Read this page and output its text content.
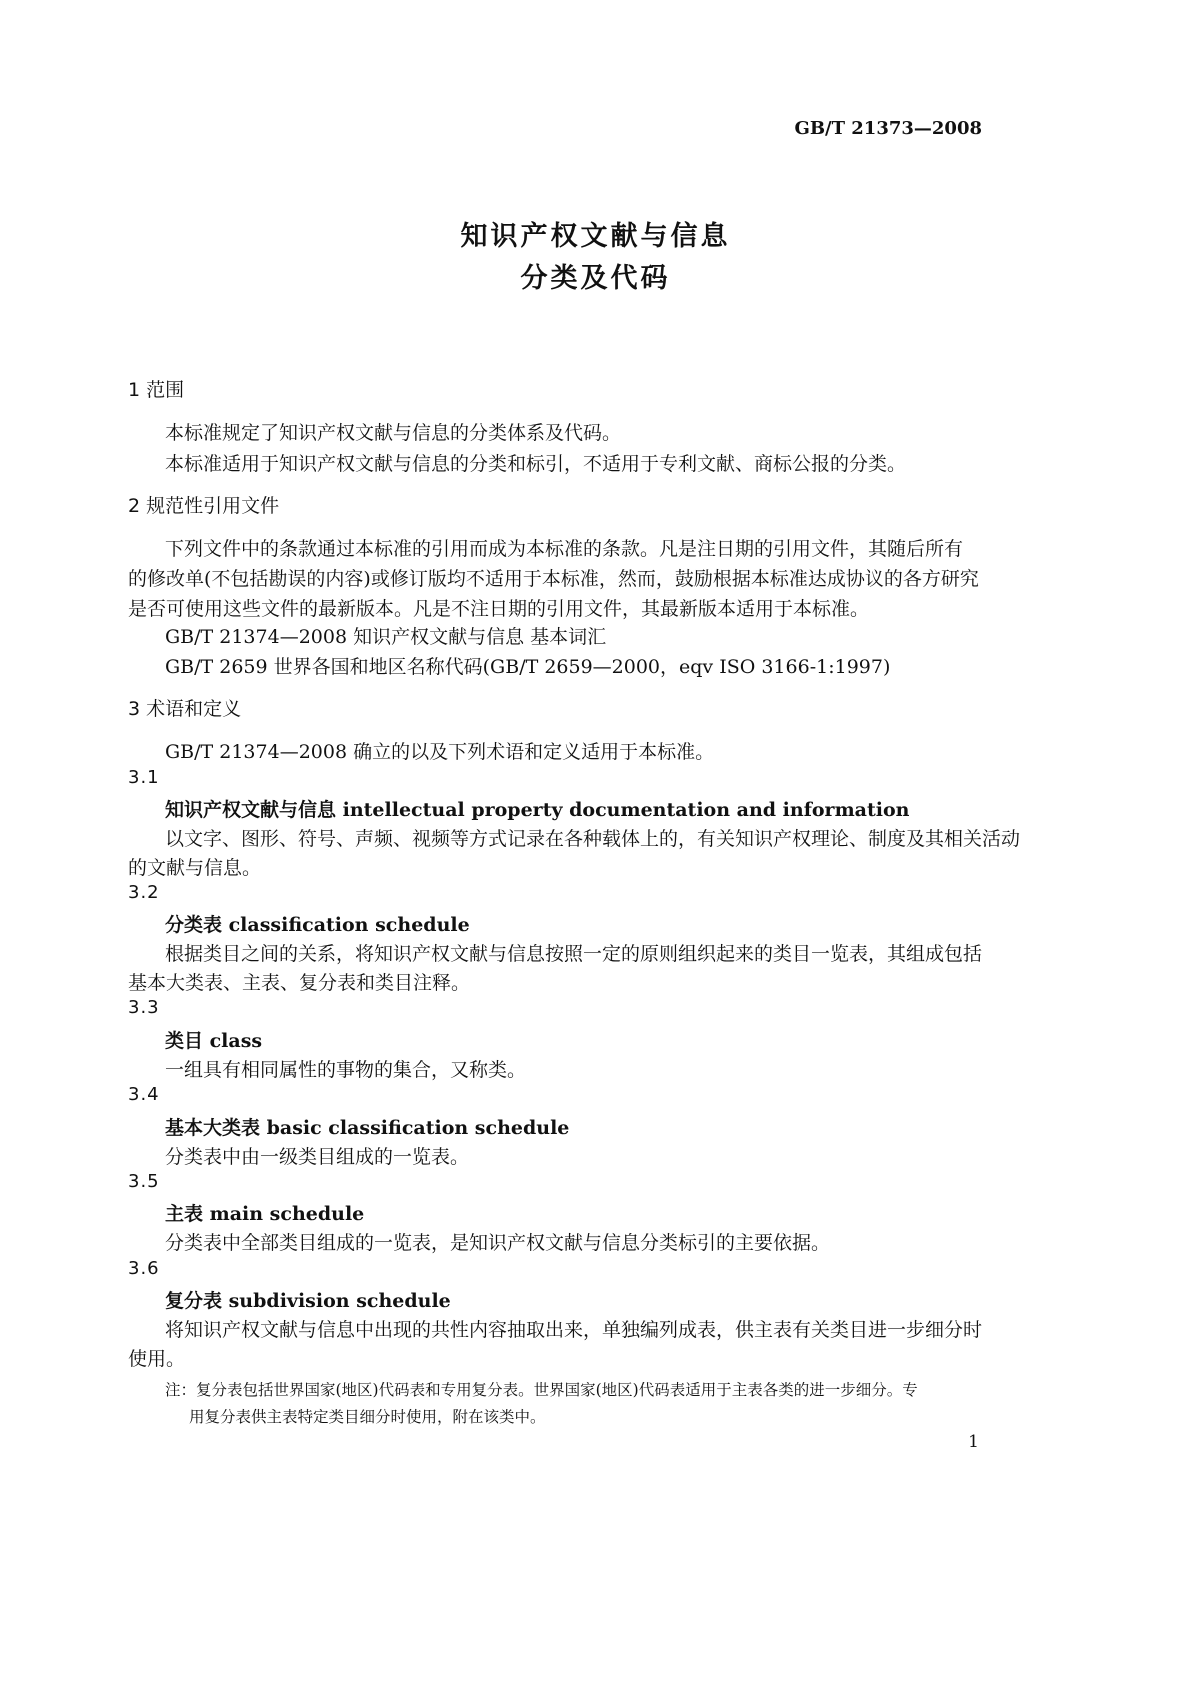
GB/T 21373—2008
知识产权文献与信息
分类及代码
1 范围
本标准规定了知识产权文献与信息的分类体系及代码。
本标准适用于知识产权文献与信息的分类和标引，不适用于专利文献、商标公报的分类。
2 规范性引用文件
下列文件中的条款通过本标准的引用而成为本标准的条款。凡是注日期的引用文件，其随后所有
的修改单(不包括勘误的内容)或修订版均不适用于本标准，然而，鼓励根据本标准达成协议的各方研究
是否可使用这些文件的最新版本。凡是不注日期的引用文件，其最新版本适用于本标准。
GB/T 21374—2008 知识产权文献与信息 基本词汇
GB/T 2659 世界各国和地区名称代码(GB/T 2659—2000，eqv ISO 3166-1:1997)
3 术语和定义
GB/T 21374—2008 确立的以及下列术语和定义适用于本标准。
3.1
知识产权文献与信息 intellectual property documentation and information
以文字、图形、符号、声频、视频等方式记录在各种载体上的，有关知识产权理论、制度及其相关活动
的文献与信息。
3.2
分类表 classification schedule
根据类目之间的关系，将知识产权文献与信息按照一定的原则组织起来的类目一览表，其组成包括
基本大类表、主表、复分表和类目注释。
3.3
类目 class
一组具有相同属性的事物的集合，又称类。
3.4
基本大类表 basic classification schedule
分类表中由一级类目组成的一览表。
3.5
主表 main schedule
分类表中全部类目组成的一览表，是知识产权文献与信息分类标引的主要依据。
3.6
复分表 subdivision schedule
将知识产权文献与信息中出现的共性内容抽取出来，单独编列成表，供主表有关类目进一步细分时
使用。
注：复分表包括世界国家(地区)代码表和专用复分表。世界国家(地区)代码表适用于主表各类的进一步细分。专
用复分表供主表特定类目细分时使用，附在该类中。
1
